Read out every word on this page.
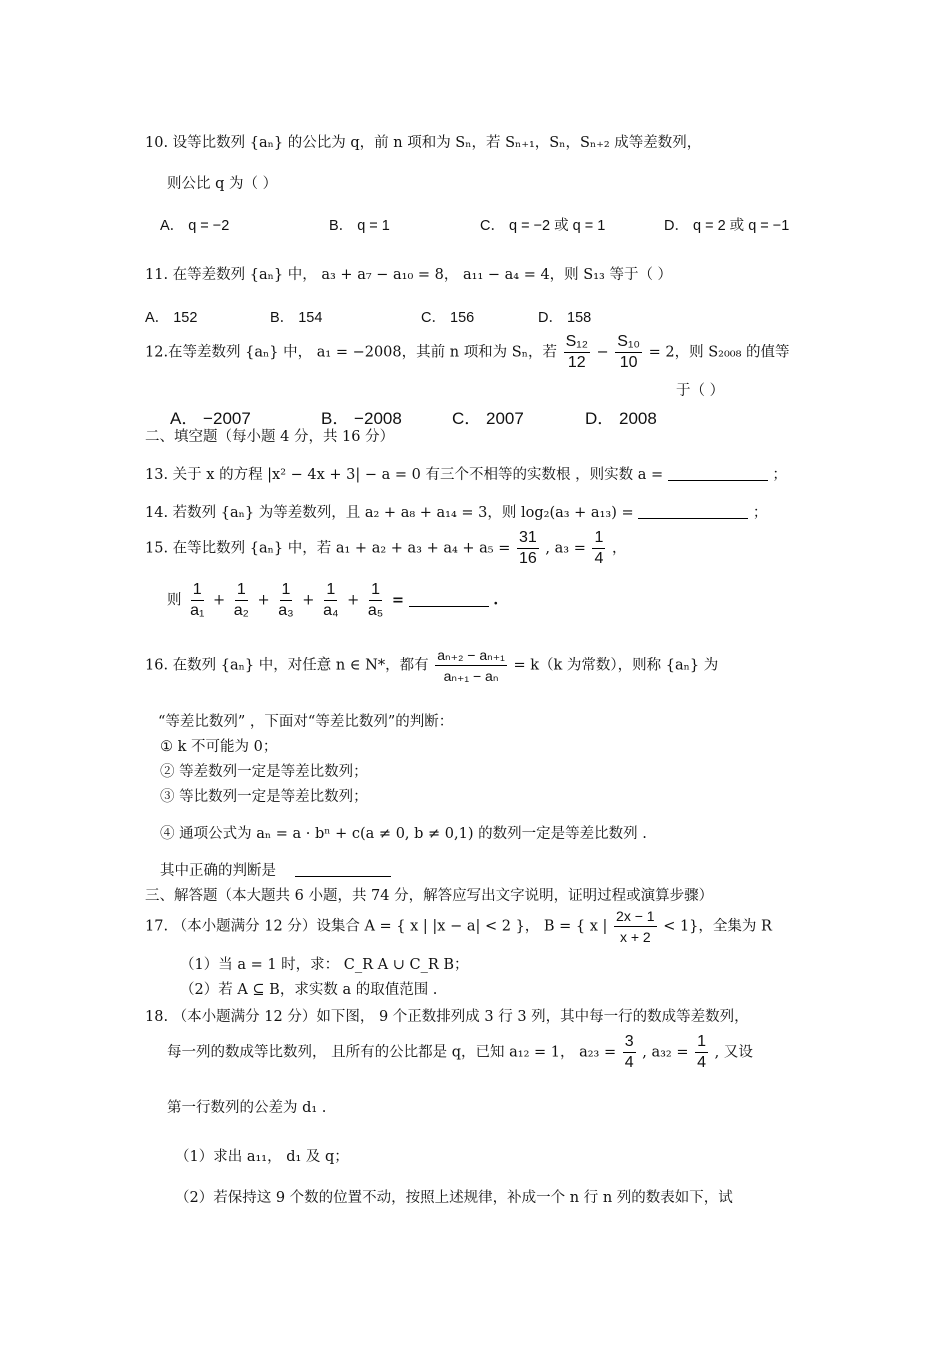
10. 设等比数列 {aₙ} 的公比为 q，前 n 项和为 Sₙ，若 Sₙ₊₁，Sₙ，Sₙ₊₂ 成等差数列，
则公比 q 为（ ）
A． q = −2	B． q = 1	C． q = −2 或 q = 1	D． q = 2 或 q = −1
11. 在等差数列 {aₙ} 中， a₃ + a₇ − a₁₀ = 8， a₁₁ − a₄ = 4，则 S₁₃ 等于（ ）
A． 152	B． 154	C． 156	D． 158
12.在等差数列 {aₙ} 中， a₁ = −2008，其前 n 项和为 Sₙ，若 $\frac{\text{S₁₂}}{12} - \frac{\text{S₁₀}}{10} = 2$，则 S₂₀₀₈ 的值等
于（ ）
A． −2007	B． −2008	C． 2007	D． 2008
二、填空题（每小题 4 分，共 16 分）
13. 关于 x 的方程 |x² − 4x + 3| − a = 0 有三个不相等的实数根 ，则实数 a =	；
14. 若数列 {aₙ} 为等差数列，且 a₂ + a₈ + a₁₄ = 3，则 log₂(a₃ + a₁₃) =	；
15. 在等比数列 {aₙ} 中，若 $a_1 + a_2 + a_3 + a_4 + a_5 = \frac{31}{16}$ , $a_3 = \frac{1}{4}$ ，
则 $\frac{1}{\text{a₁}} + \frac{1}{\text{a₂}} + \frac{1}{\text{a₃}} + \frac{1}{\text{a₄}} + \frac{1}{\text{a₅}}$ =	.
16. 在数列 {aₙ} 中，对任意 n ∈ N*，都有 $\frac{\text{aₙ₊₂ − aₙ₊₁}}{\text{aₙ₊₁ − aₙ}} = k(k$ 为常数），则称 {aₙ} 为
“等差比数列” ，下面对“等差比数列”的判断：
① k 不可能为 0；
② 等差数列一定是等差比数列；
③ 等比数列一定是等差比数列；
④ 通项公式为 aₙ = a · bⁿ + c(a ≠ 0, b ≠ 0,1) 的数列一定是等差比数列 .
其中正确的判断是
三、解答题（本大题共 6 小题，共 74 分，解答应写出文字说明，证明过程或演算步骤）
17. （本小题满分 12 分）设集合 A = { x | |x − a| < 2 }， B = { x | $\frac{2x - 1}{x + 2} < 1$}，全集为 R
（1）当 a = 1 时，求： C_R A ∪ C_R B；
（2）若 A ⊆ B，求实数 a 的取值范围 .
18. （本小题满分 12 分）如下图， 9 个正数排列成 3 行 3 列，其中每一行的数成等差数列，
每一列的数成等比数列， 且所有的公比都是 q，已知 a₁₂ = 1， $a_{23} = \frac{3}{4}$ , $a_{32} = \frac{1}{4}$ , 又设
第一行数列的公差为 d₁ .
（1）求出 a₁₁， d₁ 及 q；
（2）若保持这 9 个数的位置不动，按照上述规律，补成一个 n 行 n 列的数表如下，试
